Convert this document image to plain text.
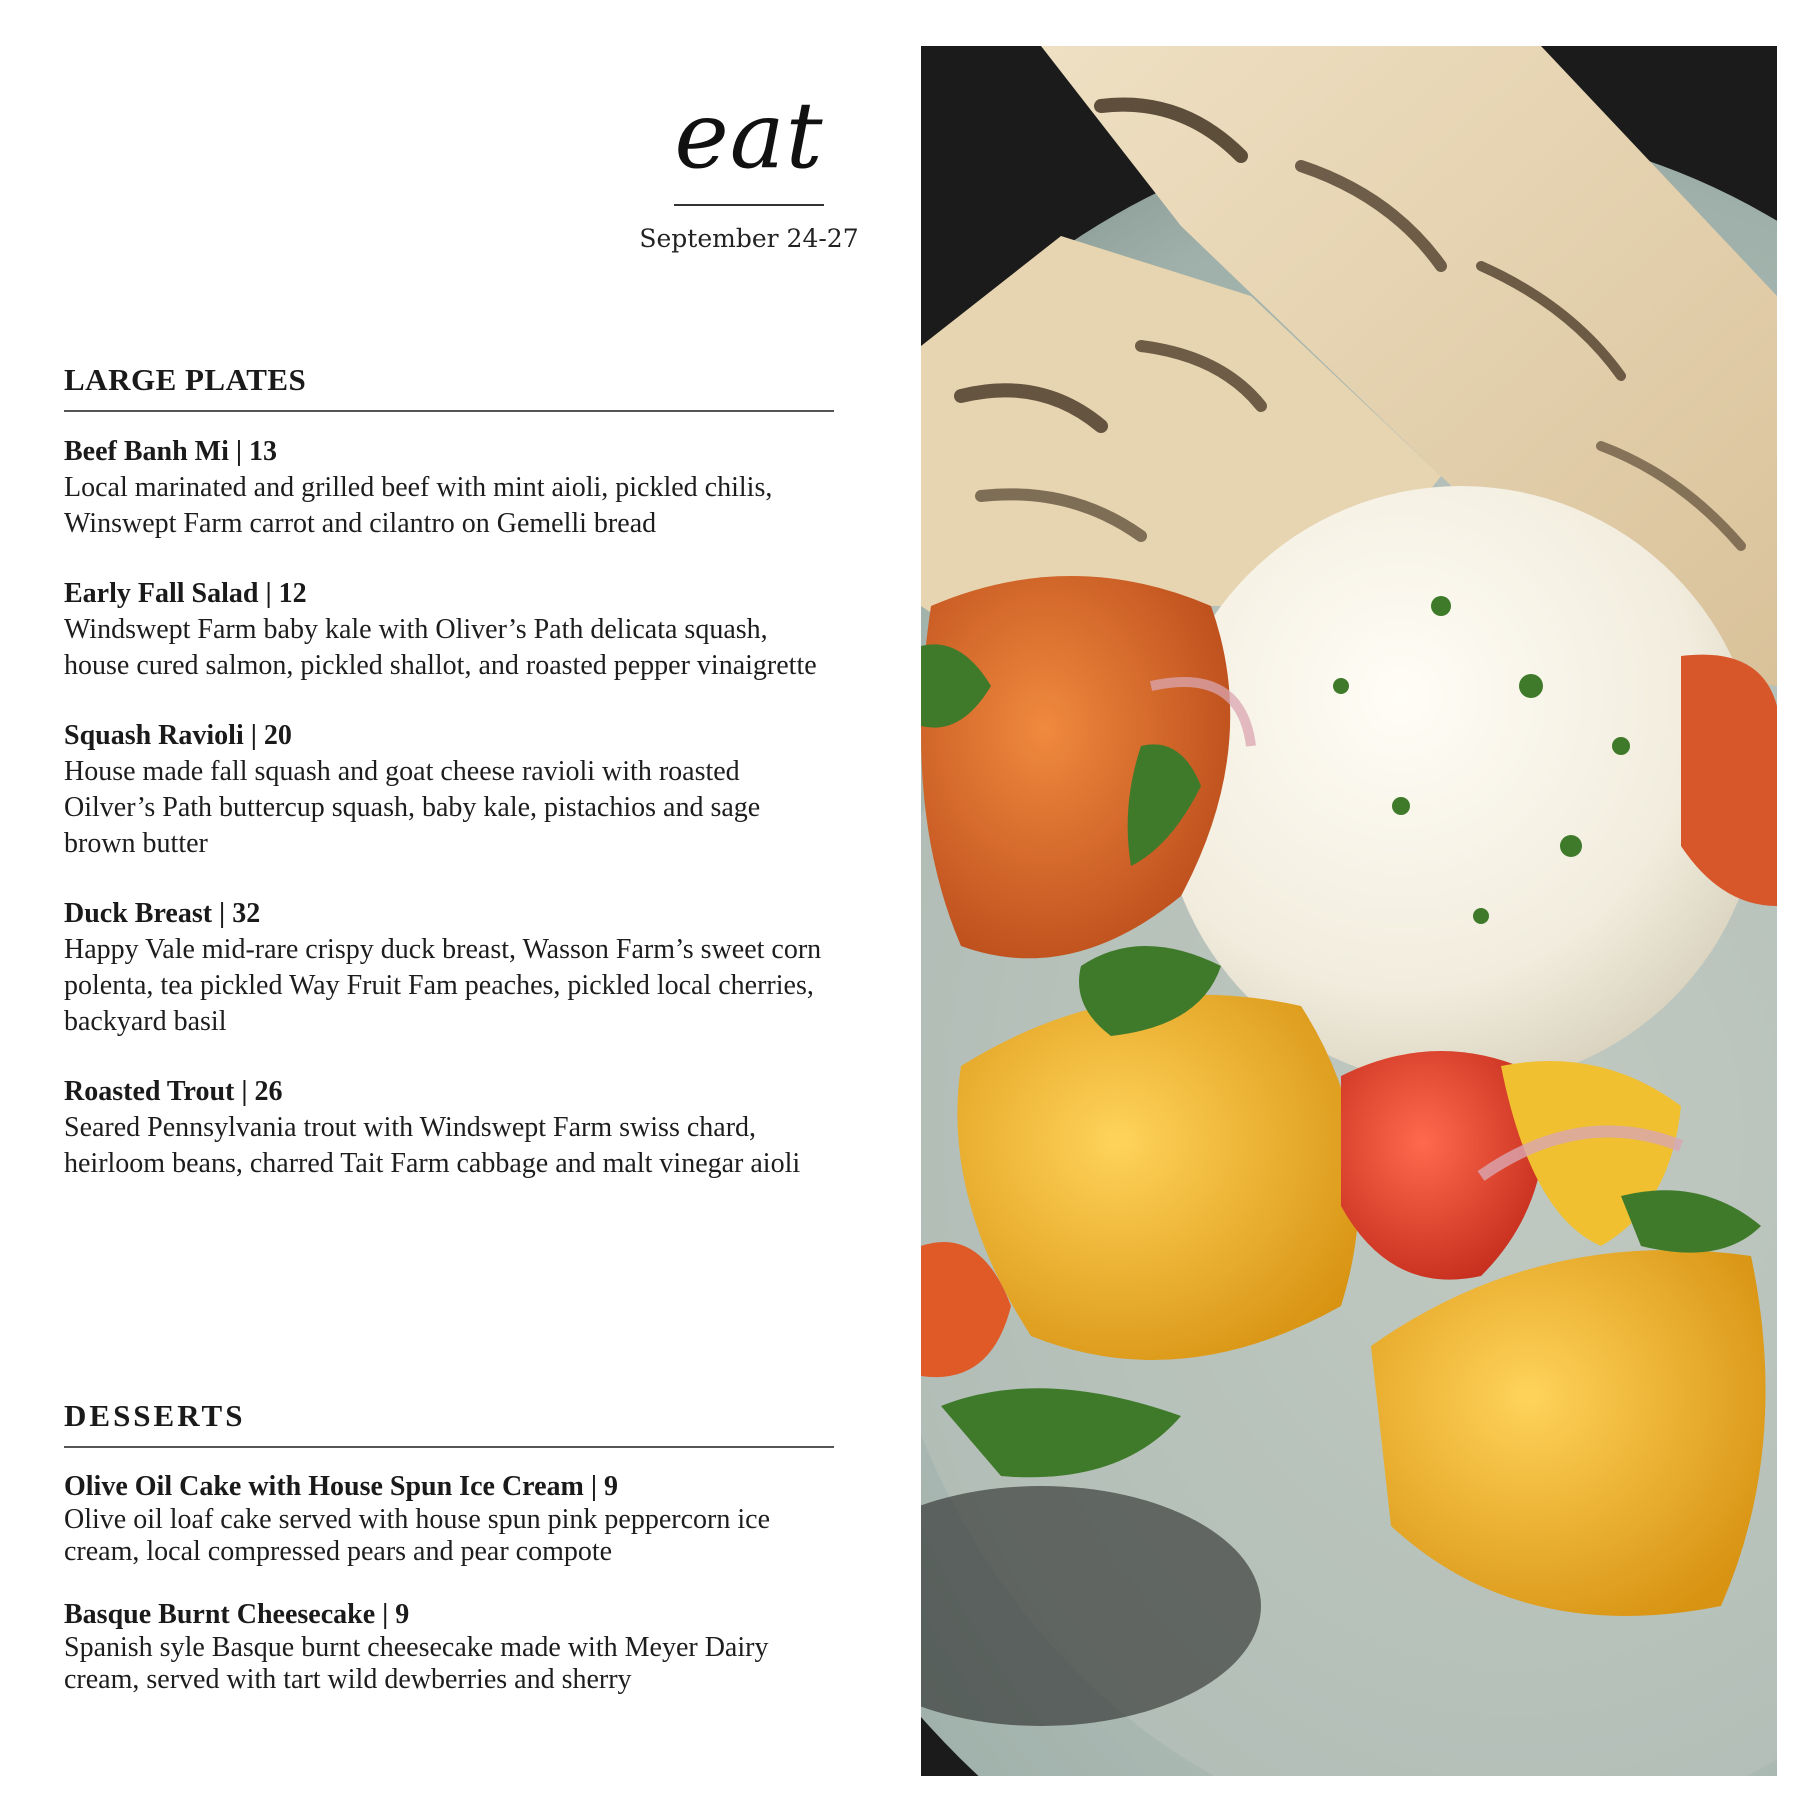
eat
September 24-27
LARGE PLATES
Beef Banh Mi | 13
Local marinated and grilled beef with mint aioli, pickled chilis, Winswept Farm carrot and cilantro on Gemelli bread
Early Fall Salad | 12
Windswept Farm baby kale with Oliver’s Path delicata squash, house cured salmon, pickled shallot, and roasted pepper vinaigrette
Squash Ravioli | 20
House made fall squash and goat cheese ravioli with roasted Oilver’s Path buttercup squash, baby kale, pistachios and sage brown butter
Duck Breast | 32
Happy Vale mid-rare crispy duck breast, Wasson Farm’s sweet corn polenta, tea pickled Way Fruit Fam peaches, pickled local cherries, backyard basil
Roasted Trout | 26
Seared Pennsylvania trout with Windswept Farm swiss chard, heirloom beans, charred Tait Farm cabbage and malt vinegar aioli
DESSERTS
Olive Oil Cake with House Spun Ice Cream | 9
Olive oil loaf cake served with house spun pink peppercorn ice cream, local compressed pears and pear compote
Basque Burnt Cheesecake | 9
Spanish syle Basque burnt cheesecake made with Meyer Dairy cream, served with tart wild dewberries and sherry
